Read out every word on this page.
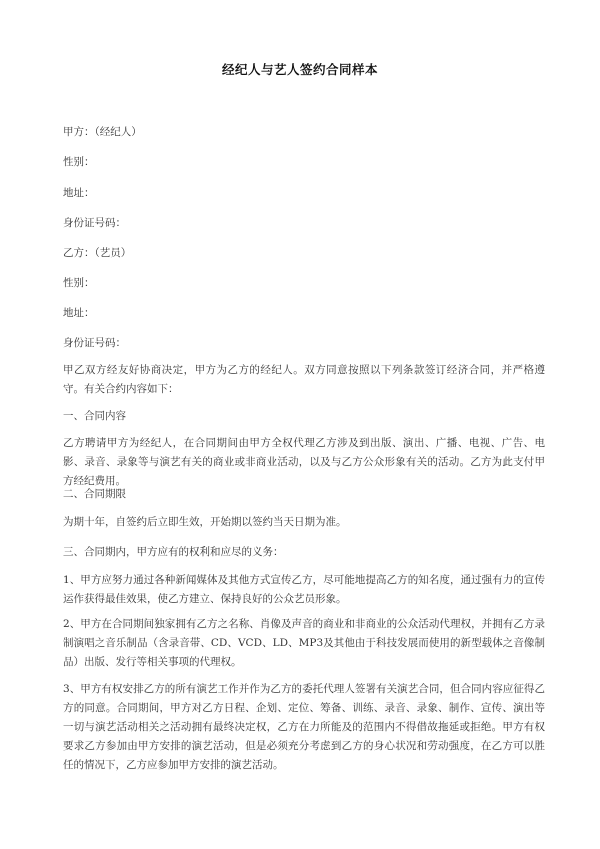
经纪人与艺人签约合同样本
甲方：（经纪人）
性别：
地址：
身份证号码：
乙方：（艺员）
性别：
地址：
身份证号码：
甲乙双方经友好协商决定，甲方为乙方的经纪人。双方同意按照以下列条款签订经济合同，并严格遵守。有关合约内容如下：
一、合同内容
乙方聘请甲方为经纪人，在合同期间由甲方全权代理乙方涉及到出版、演出、广播、电视、广告、电影、录音、录象等与演艺有关的商业或非商业活动，以及与乙方公众形象有关的活动。乙方为此支付甲方经纪费用。
二、合同期限
为期十年，自签约后立即生效，开始期以签约当天日期为准。
三、合同期内，甲方应有的权利和应尽的义务：
1、甲方应努力通过各种新闻媒体及其他方式宣传乙方，尽可能地提高乙方的知名度，通过强有力的宣传运作获得最佳效果，使乙方建立、保持良好的公众艺员形象。
2、甲方在合同期间独家拥有乙方之名称、肖像及声音的商业和非商业的公众活动代理权，并拥有乙方录制演唱之音乐制品（含录音带、CD、VCD、LD、MP3及其他由于科技发展而使用的新型载体之音像制品）出版、发行等相关事项的代理权。
3、甲方有权安排乙方的所有演艺工作并作为乙方的委托代理人签署有关演艺合同，但合同内容应征得乙方的同意。合同期间，甲方对乙方日程、企划、定位、筹备、训练、录音、录象、制作、宣传、演出等一切与演艺活动相关之活动拥有最终决定权，乙方在力所能及的范围内不得借故拖延或拒绝。甲方有权要求乙方参加由甲方安排的演艺活动，但是必须充分考虑到乙方的身心状况和劳动强度，在乙方可以胜任的情况下，乙方应参加甲方安排的演艺活动。
